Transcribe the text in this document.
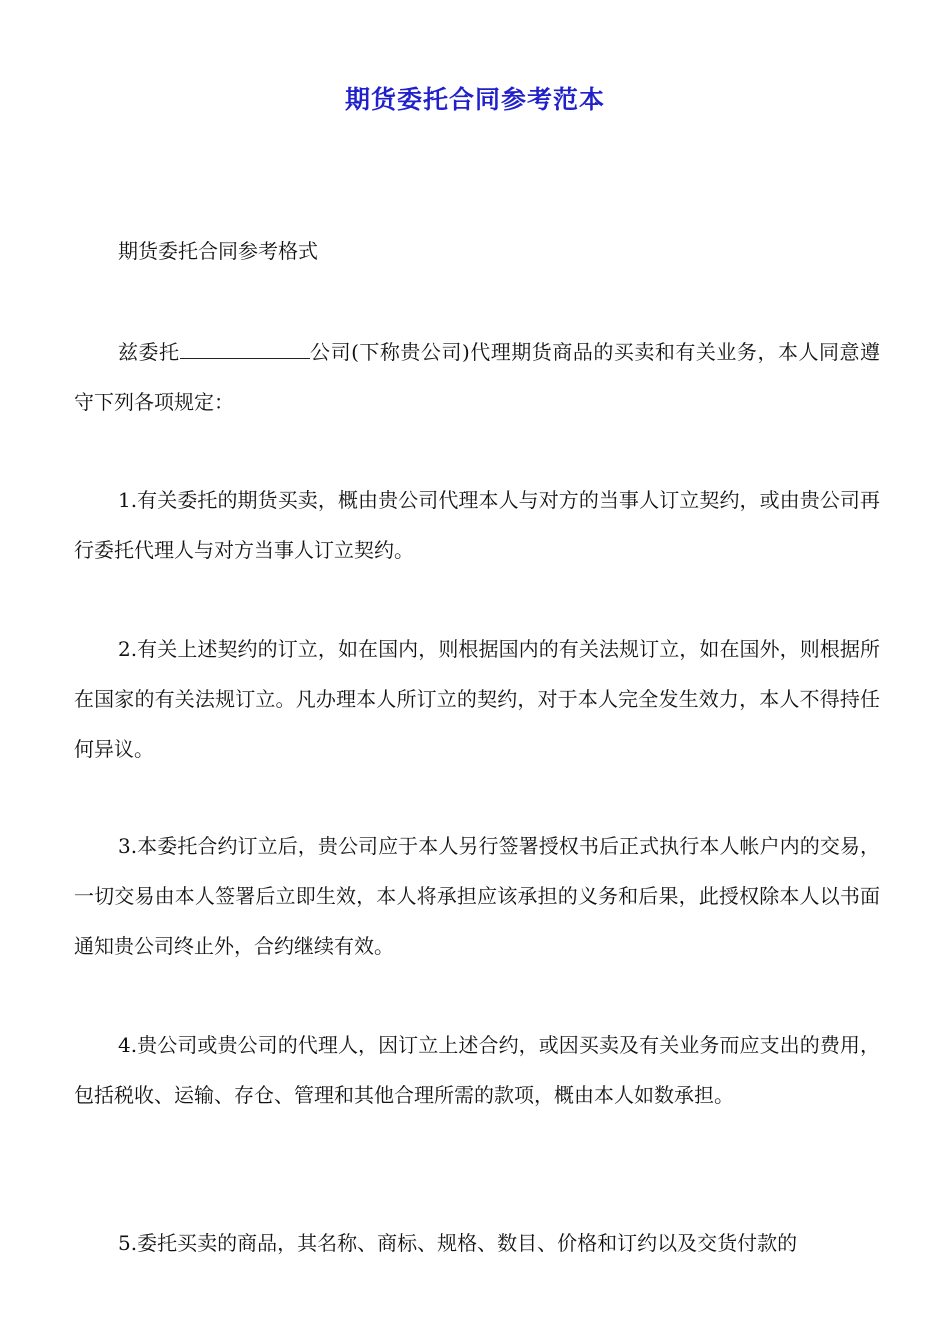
期货委托合同参考范本

期货委托合同参考格式

兹委托	公司(下称贵公司)代理期货商品的买卖和有关业务，本人同意遵守下列各项规定：

1.有关委托的期货买卖，概由贵公司代理本人与对方的当事人订立契约，或由贵公司再行委托代理人与对方当事人订立契约。

2.有关上述契约的订立，如在国内，则根据国内的有关法规订立，如在国外，则根据所在国家的有关法规订立。凡办理本人所订立的契约，对于本人完全发生效力，本人不得持任何异议。

3.本委托合约订立后，贵公司应于本人另行签署授权书后正式执行本人帐户内的交易，一切交易由本人签署后立即生效，本人将承担应该承担的义务和后果，此授权除本人以书面通知贵公司终止外，合约继续有效。

4.贵公司或贵公司的代理人，因订立上述合约，或因买卖及有关业务而应支出的费用，包括税收、运输、存仓、管理和其他合理所需的款项，概由本人如数承担。

5.委托买卖的商品，其名称、商标、规格、数目、价格和订约以及交货付款的
